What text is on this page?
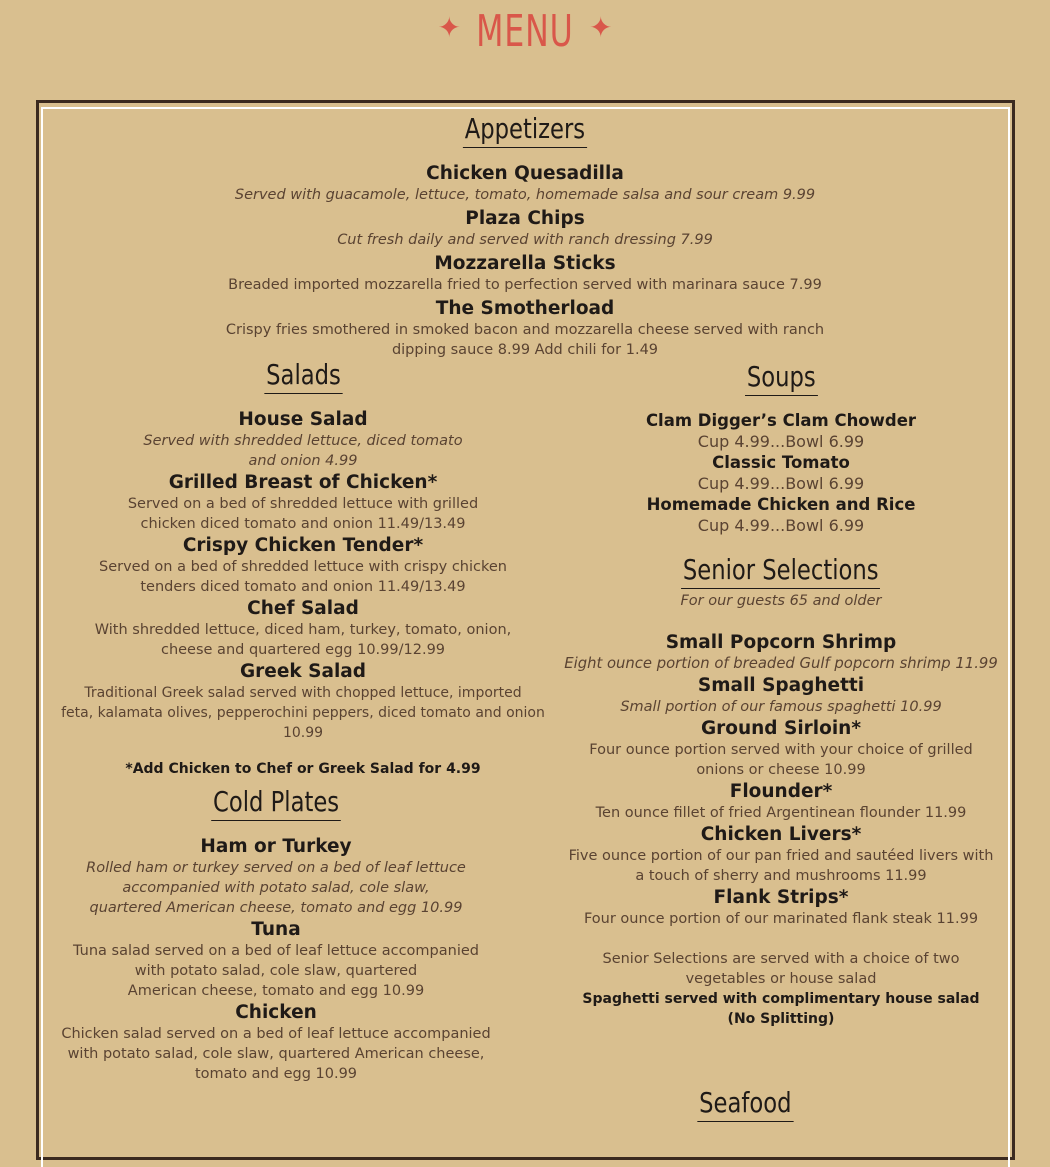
✦ MENU ✦
Appetizers
Chicken Quesadilla
Served with guacamole, lettuce, tomato, homemade salsa and sour cream 9.99
Plaza Chips
Cut fresh daily and served with ranch dressing 7.99
Mozzarella Sticks
Breaded imported mozzarella fried to perfection served with marinara sauce 7.99
The Smotherload
Crispy fries smothered in smoked bacon and mozzarella cheese served with ranch
dipping sauce 8.99 Add chili for 1.49
Salads
House Salad
Served with shredded lettuce, diced tomato
and onion 4.99
Grilled Breast of Chicken*
Served on a bed of shredded lettuce with grilled
chicken diced tomato and onion 11.49/13.49
Crispy Chicken Tender*
Served on a bed of shredded lettuce with crispy chicken
tenders diced tomato and onion 11.49/13.49
Chef Salad
With shredded lettuce, diced ham, turkey, tomato, onion,
cheese and quartered egg 10.99/12.99
Greek Salad
Traditional Greek salad served with chopped lettuce, imported
feta, kalamata olives, pepperochini peppers, diced tomato and onion 10.99
*Add Chicken to Chef or Greek Salad for 4.99
Cold Plates
Ham or Turkey
Rolled ham or turkey served on a bed of leaf lettuce
accompanied with potato salad, cole slaw,
quartered American cheese, tomato and egg 10.99
Tuna
Tuna salad served on a bed of leaf lettuce accompanied
with potato salad, cole slaw, quartered
American cheese, tomato and egg 10.99
Chicken
Chicken salad served on a bed of leaf lettuce accompanied
with potato salad, cole slaw, quartered American cheese,
tomato and egg 10.99
Soups
Clam Digger’s Clam Chowder
Cup 4.99...Bowl 6.99
Classic Tomato
Cup 4.99...Bowl 6.99
Homemade Chicken and Rice
Cup 4.99...Bowl 6.99
Senior Selections
For our guests 65 and older
Small Popcorn Shrimp
Eight ounce portion of breaded Gulf popcorn shrimp 11.99
Small Spaghetti
Small portion of our famous spaghetti 10.99
Ground Sirloin*
Four ounce portion served with your choice of grilled
onions or cheese 10.99
Flounder*
Ten ounce fillet of fried Argentinean flounder 11.99
Chicken Livers*
Five ounce portion of our pan fried and sautéed livers with
a touch of sherry and mushrooms 11.99
Flank Strips*
Four ounce portion of our marinated flank steak 11.99
Senior Selections are served with a choice of two
vegetables or house salad
Spaghetti served with complimentary house salad
(No Splitting)
Seafood
